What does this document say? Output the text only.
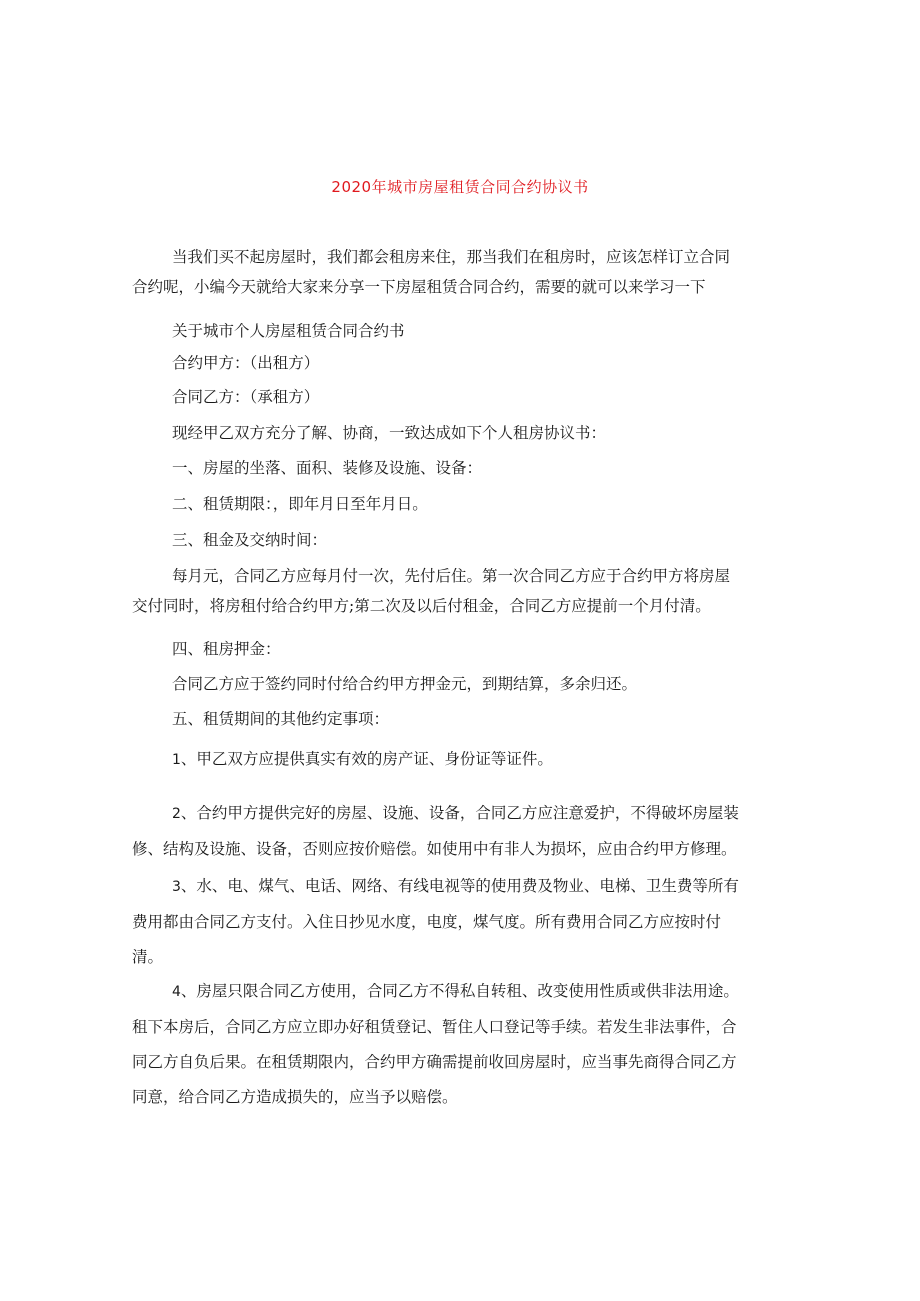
2020年城市房屋租赁合同合约协议书
当我们买不起房屋时，我们都会租房来住，那当我们在租房时，应该怎样订立合同
合约呢，小编今天就给大家来分享一下房屋租赁合同合约，需要的就可以来学习一下
关于城市个人房屋租赁合同合约书
合约甲方：（出租方）
合同乙方：（承租方）
现经甲乙双方充分了解、协商，一致达成如下个人租房协议书：
一、房屋的坐落、面积、装修及设施、设备：
二、租赁期限：，即年月日至年月日。
三、租金及交纳时间：
每月元，合同乙方应每月付一次，先付后住。第一次合同乙方应于合约甲方将房屋
交付同时，将房租付给合约甲方;第二次及以后付租金，合同乙方应提前一个月付清。
四、租房押金：
合同乙方应于签约同时付给合约甲方押金元，到期结算，多余归还。
五、租赁期间的其他约定事项：
1、甲乙双方应提供真实有效的房产证、身份证等证件。
2、合约甲方提供完好的房屋、设施、设备，合同乙方应注意爱护，不得破坏房屋装
修、结构及设施、设备，否则应按价赔偿。如使用中有非人为损坏，应由合约甲方修理。
3、水、电、煤气、电话、网络、有线电视等的使用费及物业、电梯、卫生费等所有
费用都由合同乙方支付。入住日抄见水度，电度，煤气度。所有费用合同乙方应按时付
清。
4、房屋只限合同乙方使用，合同乙方不得私自转租、改变使用性质或供非法用途。
租下本房后，合同乙方应立即办好租赁登记、暂住人口登记等手续。若发生非法事件，合
同乙方自负后果。在租赁期限内，合约甲方确需提前收回房屋时，应当事先商得合同乙方
同意，给合同乙方造成损失的，应当予以赔偿。
